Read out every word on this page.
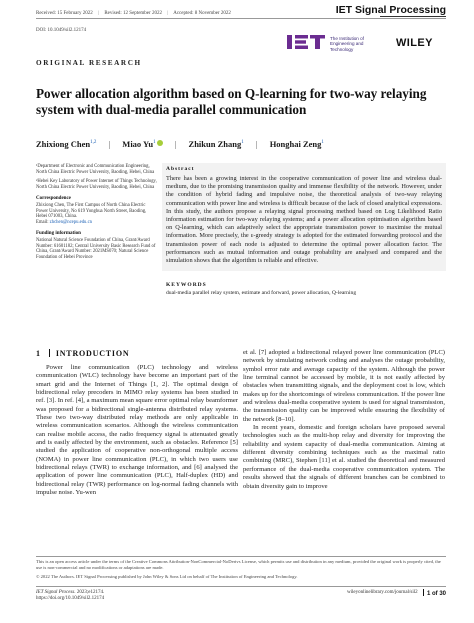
Received: 15 February 2022 | Revised: 12 September 2022 | Accepted: 8 November 2022	IET Signal Processing
DOI: 10.1049/sil2.12174
The Institution of
Engineering and Technology
WILEY
ORIGINAL RESEARCH
Power allocation algorithm based on Q‐learning for two‐way relaying system with dual‐media parallel communication
Zhixiong Chen$^{1,2}$ | Miao Yu$^1$ | Zhikun Zhang$^1$ | Honghai Zeng$^1$
¹Department of Electronic and Communication Engineering, North China Electric Power University, Baoding, Hebei, China
²Hebei Key Laboratory of Power Internet of Things Technology, North China Electric Power University, Baoding, Hebei, China
Correspondence
Zhixiong Chen, The First Campus of North China Electric Power University, No 619 Yonghua North Street, Baoding, Hebei 071003, China.
Email: zhchen@ncepu.edu.cn
Funding information
National Natural Science Foundation of China, Grant/Award Number: 61601182; Central University Basic Research Fund of China, Grant/Award Number: 2021MS070; Natural Science Foundation of Hebei Province
Abstract
There has been a growing interest in the cooperative communication of power line and wireless dual‐medium, due to the promising transmission quality and immense flexibility of the network. However, under the condition of hybrid fading and impulsive noise, the theoretical analysis of two‐way relaying communication with power line and wireless is difficult because of the lack of closed analytical expressions. In this study, the authors propose a relaying signal processing method based on Log Likelihood Ratio information estimation for two‐way relaying systems; and a power allocation optimisation algorithm based on Q‐learning, which can adaptively select the appropriate transmission power to maximise the mutual information. More precisely, the ε‐greedy strategy is adopted for the estimated forwarding protocol and the transmission power of each node is adjusted to determine the optimal power allocation factor. The performances such as mutual information and outage probability are analysed and compared and the simulation shows that the algorithm is reliable and effective.
KEYWORDS
dual‐media parallel relay system, estimate and forward, power allocation, Q‐learning
1 INTRODUCTION

Power line communication (PLC) technology and wireless communication (WLC) technology have become an important part of the smart grid and the Internet of Things [1, 2]. The optimal design of bidirectional relay precoders in MIMO relay systems has been studied in ref. [3]. In ref. [4], a maximum mean square error optimal relay beamformer was proposed for a bidirectional single‐antenna distributed relay systems. These two two‐way distributed relay methods are only applicable in wireless communication scenarios. Although the wireless communication can realise mobile access, the radio frequency signal is attenuated greatly and is easily affected by the environment, such as obstacles. Reference [5] studied the application of cooperative non‐orthogonal multiple access (NOMA) in power line communication (PLC), in which two users use bidirectional relays (TWR) to exchange information, and [6] analysed the application of power line communication (PLC), Half‐duplex (HD) and bidirectional relay (TWR) performance on log‐normal fading channels with impulse noise. Yu‐wen

et al. [7] adopted a bidirectional relayed power line communication (PLC) network by simulating network coding and analyses the outage probability, symbol error rate and average capacity of the system. Although the power line terminal cannot be accessed by mobile, it is not easily affected by obstacles when transmitting signals, and the deployment cost is low, which makes up for the shortcomings of wireless communication. If the power line and wireless dual‐media cooperative system is used for signal transmission, the transmission quality can be improved while ensuring the flexibility of the network [8–10].

In recent years, domestic and foreign scholars have proposed several technologies such as the multi‐hop relay and diversity for improving the reliability and system capacity of dual‐media communication. Aiming at different diversity combining techniques such as the maximal ratio combining (MRC), Stephen [11] et al. studied the theoretical and measured performance of the dual‐media cooperative communication system. The results showed that the signals of different branches can be combined to obtain diversity gain to improve

This is an open access article under the terms of the Creative Commons Attribution‐NonCommercial‐NoDerivs License, which permits use and distribution in any medium, provided the original work is properly cited, the use is non‐commercial and no modifications or adaptations are made.
© 2022 The Authors. IET Signal Processing published by John Wiley & Sons Ltd on behalf of The Institution of Engineering and Technology.
IET Signal Process. 2023;e12174.
https://doi.org/10.1049/sil2.12174
wileyonlinelibrary.com/journal/sil2	1 of 30
